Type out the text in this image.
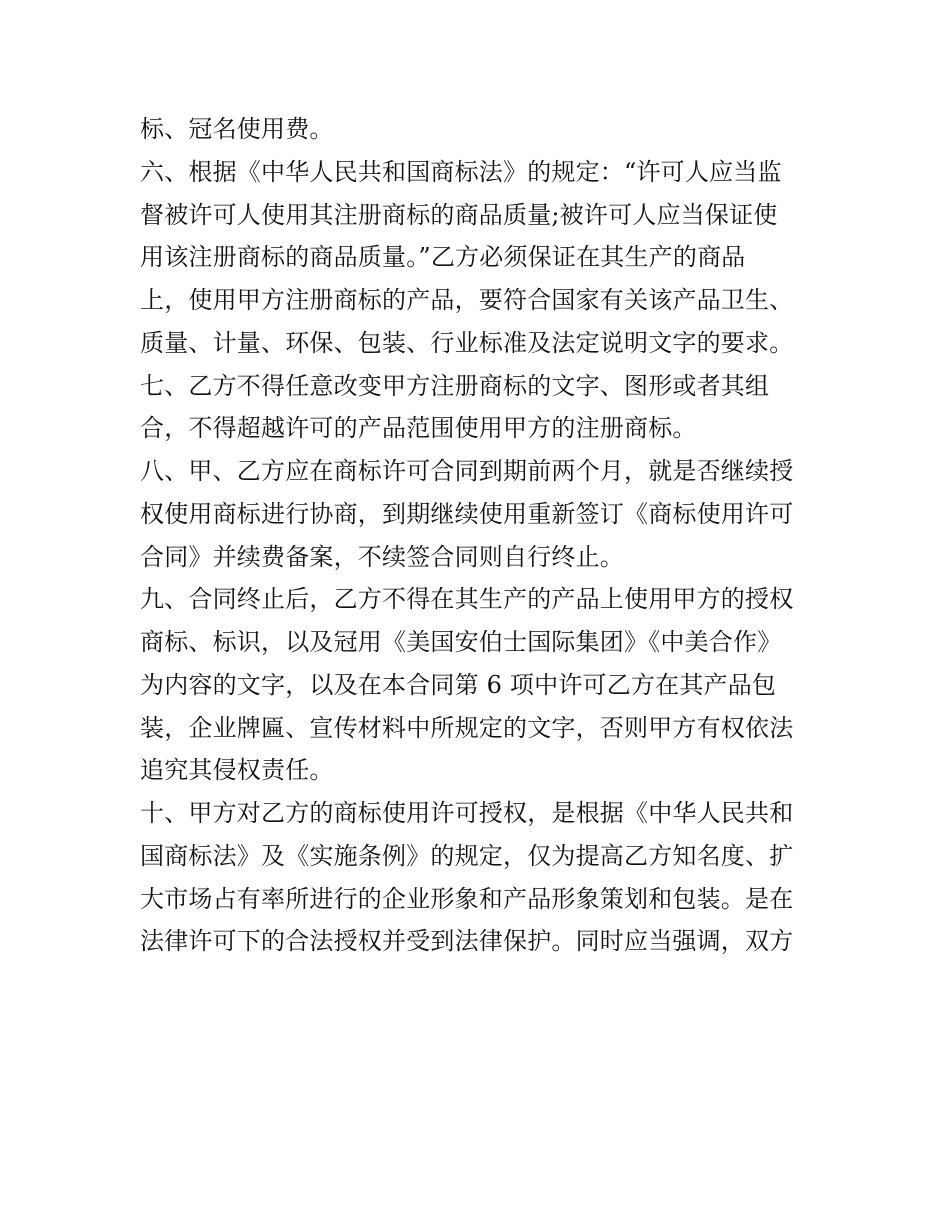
标、冠名使用费。
六、根据《中华人民共和国商标法》的规定：“许可人应当监
督被许可人使用其注册商标的商品质量;被许可人应当保证使
用该注册商标的商品质量。”乙方必须保证在其生产的商品
上，使用甲方注册商标的产品，要符合国家有关该产品卫生、
质量、计量、环保、包装、行业标准及法定说明文字的要求。
七、乙方不得任意改变甲方注册商标的文字、图形或者其组
合，不得超越许可的产品范围使用甲方的注册商标。
八、甲、乙方应在商标许可合同到期前两个月，就是否继续授
权使用商标进行协商，到期继续使用重新签订《商标使用许可
合同》并续费备案，不续签合同则自行终止。
九、合同终止后，乙方不得在其生产的产品上使用甲方的授权
商标、标识，以及冠用《美国安伯士国际集团》《中美合作》
为内容的文字，以及在本合同第 6 项中许可乙方在其产品包
装，企业牌匾、宣传材料中所规定的文字，否则甲方有权依法
追究其侵权责任。
十、甲方对乙方的商标使用许可授权，是根据《中华人民共和
国商标法》及《实施条例》的规定，仅为提高乙方知名度、扩
大市场占有率所进行的企业形象和产品形象策划和包装。是在
法律许可下的合法授权并受到法律保护。同时应当强调，双方
